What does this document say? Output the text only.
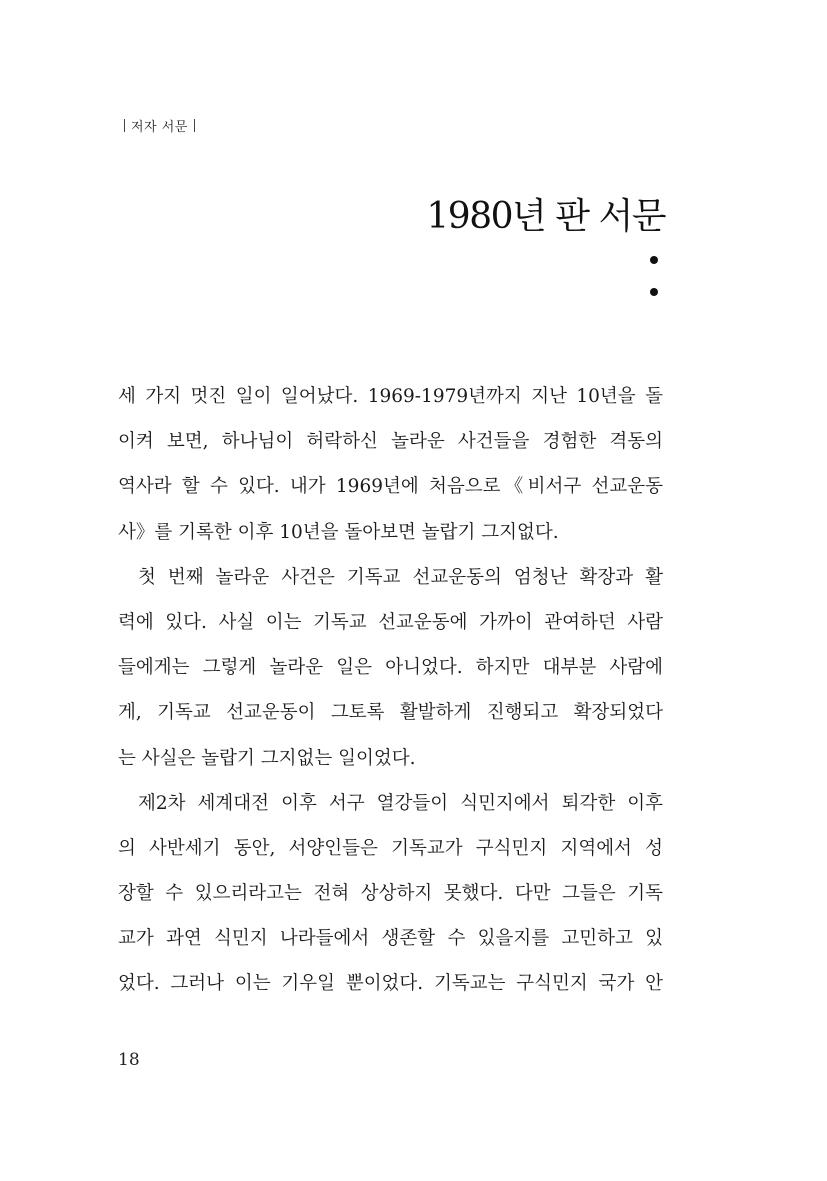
저자 서문
1980년 판 서문
세 가지 멋진 일이 일어났다. 1969-1979년까지 지난 10년을 돌
이켜 보면, 하나님이 허락하신 놀라운 사건들을 경험한 격동의
역사라 할 수 있다. 내가 1969년에 처음으로《비서구 선교운동
사》를 기록한 이후 10년을 돌아보면 놀랍기 그지없다.
첫 번째 놀라운 사건은 기독교 선교운동의 엄청난 확장과 활
력에 있다. 사실 이는 기독교 선교운동에 가까이 관여하던 사람
들에게는 그렇게 놀라운 일은 아니었다. 하지만 대부분 사람에
게, 기독교 선교운동이 그토록 활발하게 진행되고 확장되었다
는 사실은 놀랍기 그지없는 일이었다.
제2차 세계대전 이후 서구 열강들이 식민지에서 퇴각한 이후
의 사반세기 동안, 서양인들은 기독교가 구식민지 지역에서 성
장할 수 있으리라고는 전혀 상상하지 못했다. 다만 그들은 기독
교가 과연 식민지 나라들에서 생존할 수 있을지를 고민하고 있
었다. 그러나 이는 기우일 뿐이었다. 기독교는 구식민지 국가 안
18
